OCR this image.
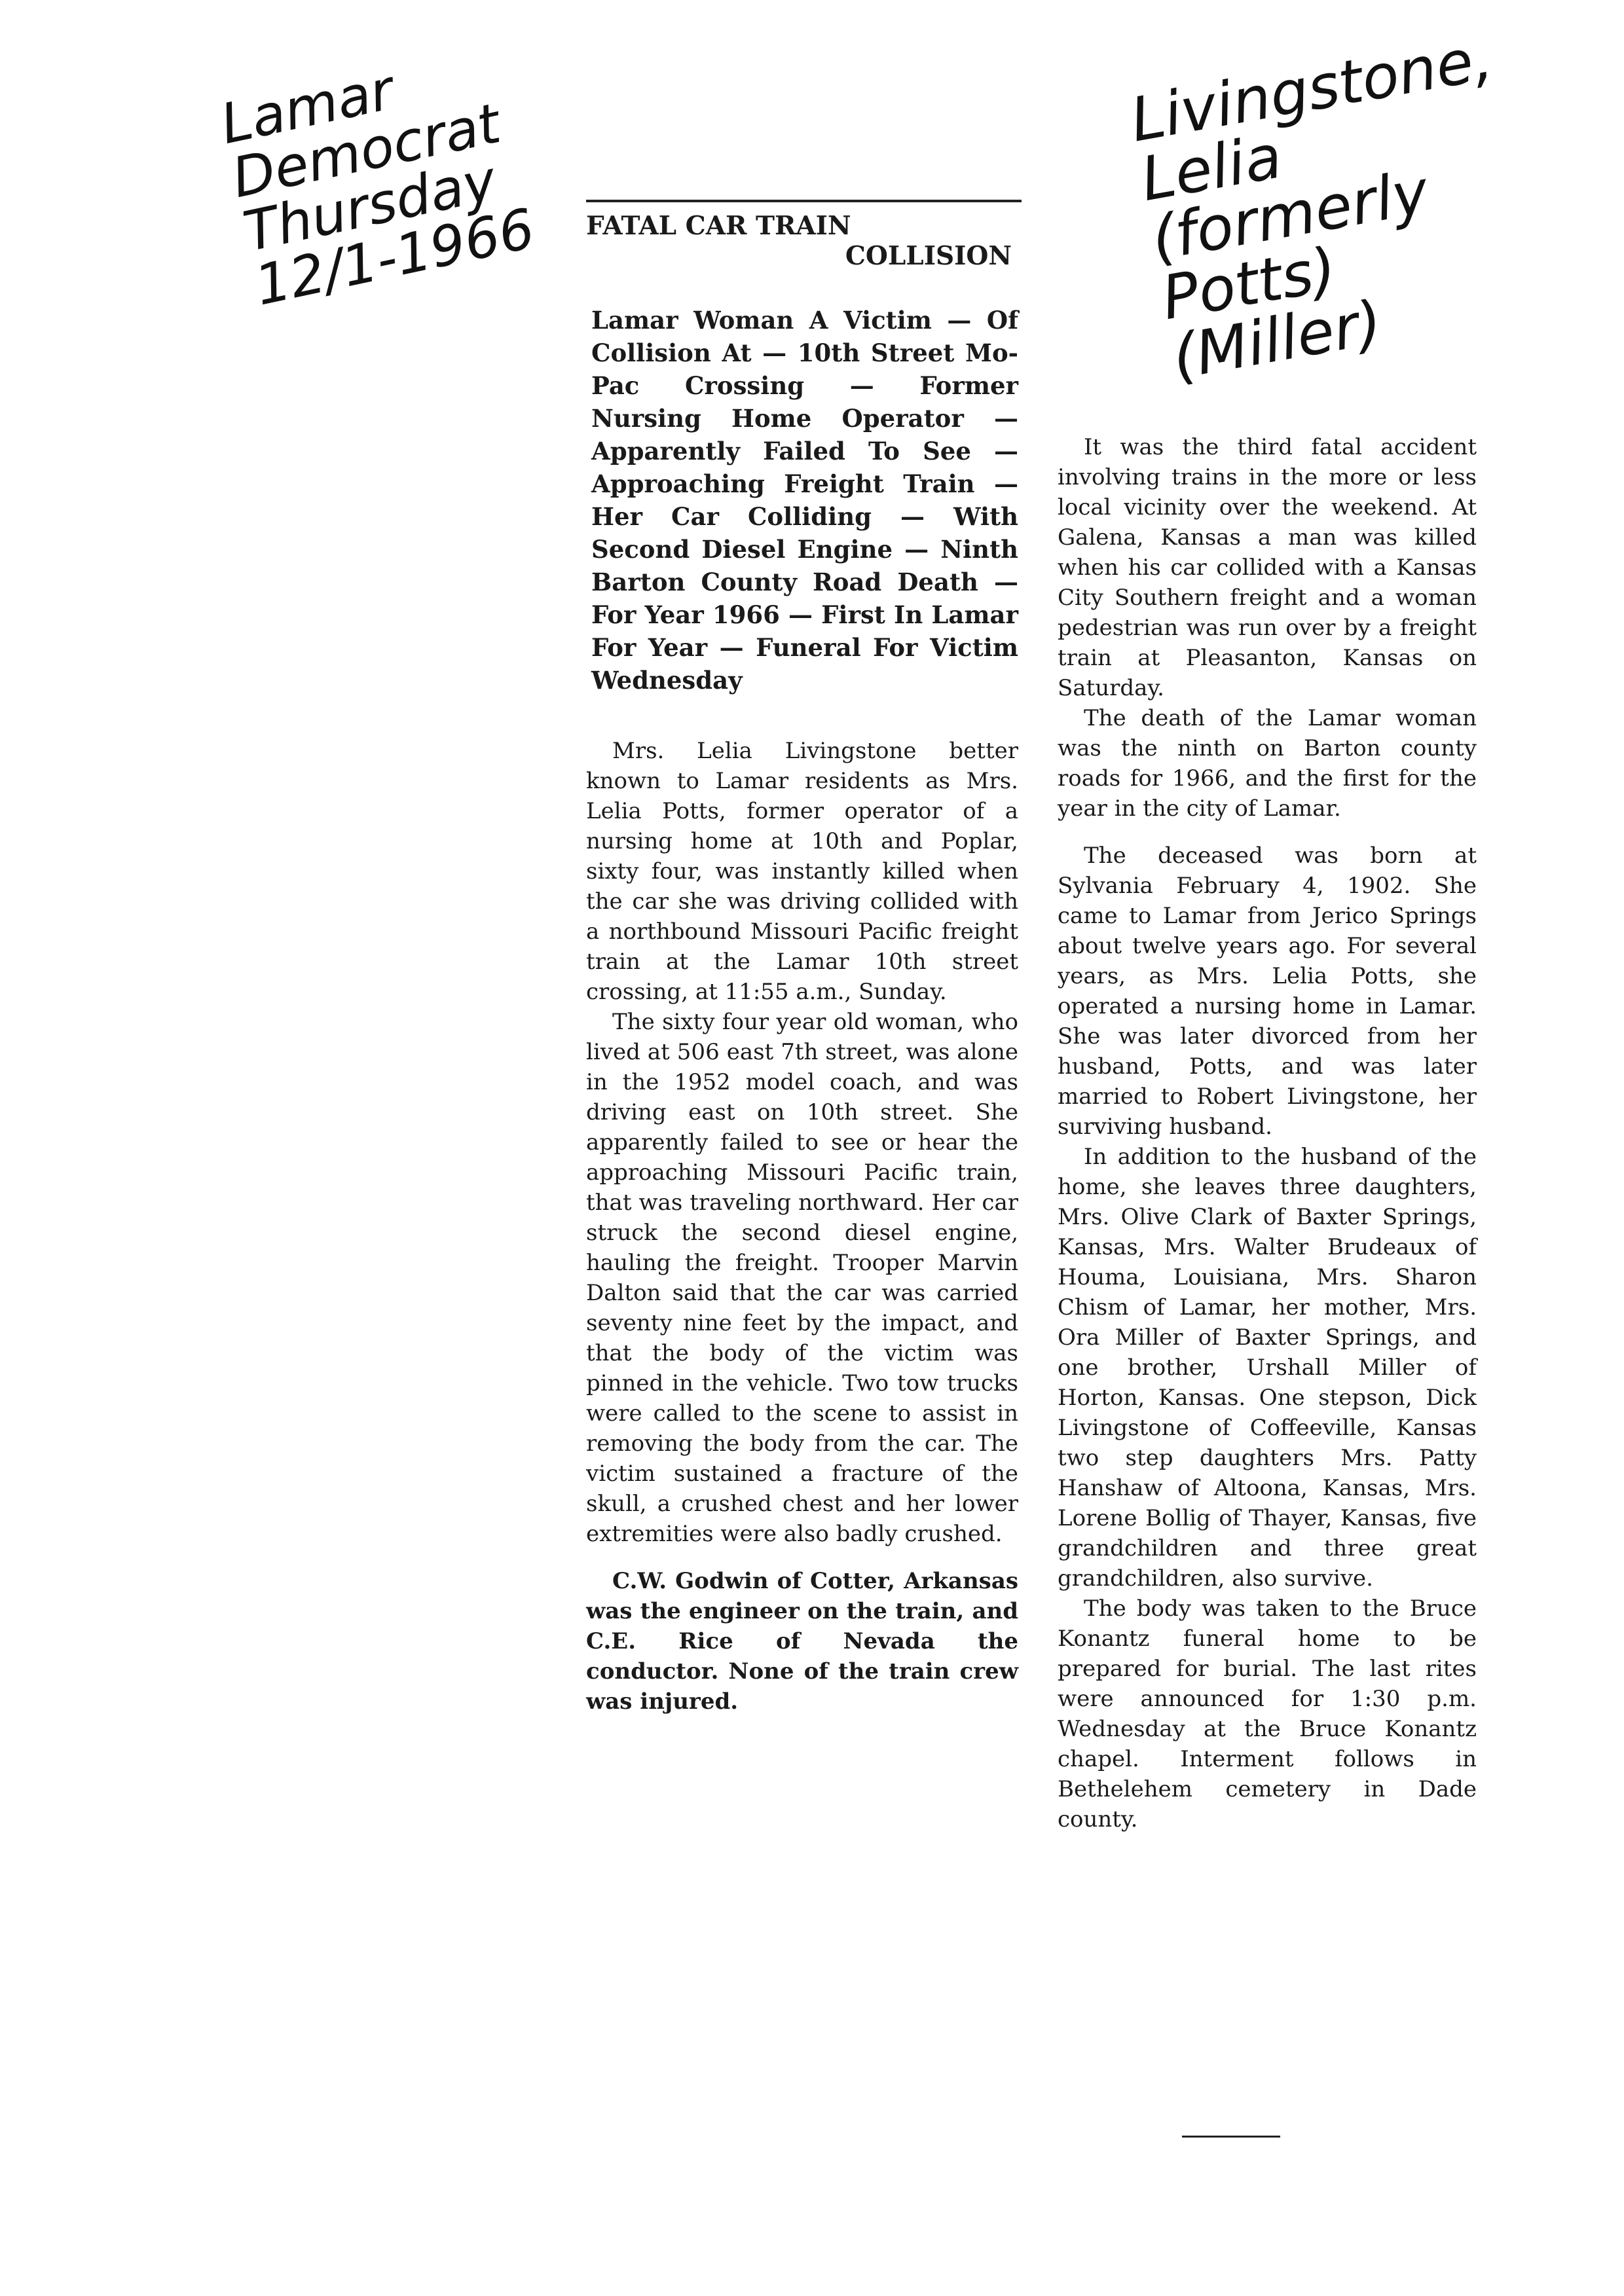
Lamar
Democrat
Thursday
12/1-1966
Livingstone,
Lelia
(formerly Potts)
(Miller)
FATAL CAR TRAIN
COLLISION

Lamar Woman A Victim — Of Collision At — 10th Street Mo-Pac Crossing — Former Nursing Home Operator — Apparently Failed To See — Approaching Freight Train — Her Car Colliding — With Second Diesel Engine — Ninth Barton County Road Death — For Year 1966 — First In Lamar For Year — Funeral For Victim Wednesday

Mrs. Lelia Livingstone better known to Lamar residents as Mrs. Lelia Potts, former operator of a nursing home at 10th and Poplar, sixty four, was instantly killed when the car she was driving collided with a northbound Missouri Pacific freight train at the Lamar 10th street crossing, at 11:55 a.m., Sunday.

The sixty four year old woman, who lived at 506 east 7th street, was alone in the 1952 model coach, and was driving east on 10th street. She apparently failed to see or hear the approaching Missouri Pacific train, that was traveling northward. Her car struck the second diesel engine, hauling the freight. Trooper Marvin Dalton said that the car was carried seventy nine feet by the impact, and that the body of the victim was pinned in the vehicle. Two tow trucks were called to the scene to assist in removing the body from the car. The victim sustained a fracture of the skull, a crushed chest and her lower extremities were also badly crushed.

C.W. Godwin of Cotter, Arkansas was the engineer on the train, and C.E. Rice of Nevada the conductor. None of the train crew was injured.

It was the third fatal accident involving trains in the more or less local vicinity over the weekend. At Galena, Kansas a man was killed when his car collided with a Kansas City Southern freight and a woman pedestrian was run over by a freight train at Pleasanton, Kansas on Saturday.

The death of the Lamar woman was the ninth on Barton county roads for 1966, and the first for the year in the city of Lamar.

The deceased was born at Sylvania February 4, 1902. She came to Lamar from Jerico Springs about twelve years ago. For several years, as Mrs. Lelia Potts, she operated a nursing home in Lamar. She was later divorced from her husband, Potts, and was later married to Robert Livingstone, her surviving husband.

In addition to the husband of the home, she leaves three daughters, Mrs. Olive Clark of Baxter Springs, Kansas, Mrs. Walter Brudeaux of Houma, Louisiana, Mrs. Sharon Chism of Lamar, her mother, Mrs. Ora Miller of Baxter Springs, and one brother, Urshall Miller of Horton, Kansas. One stepson, Dick Livingstone of Coffeeville, Kansas two step daughters Mrs. Patty Hanshaw of Altoona, Kansas, Mrs. Lorene Bollig of Thayer, Kansas, five grandchildren and three great grandchildren, also survive.

The body was taken to the Bruce Konantz funeral home to be prepared for burial. The last rites were announced for 1:30 p.m. Wednesday at the Bruce Konantz chapel. Interment follows in Bethelehem cemetery in Dade county.
